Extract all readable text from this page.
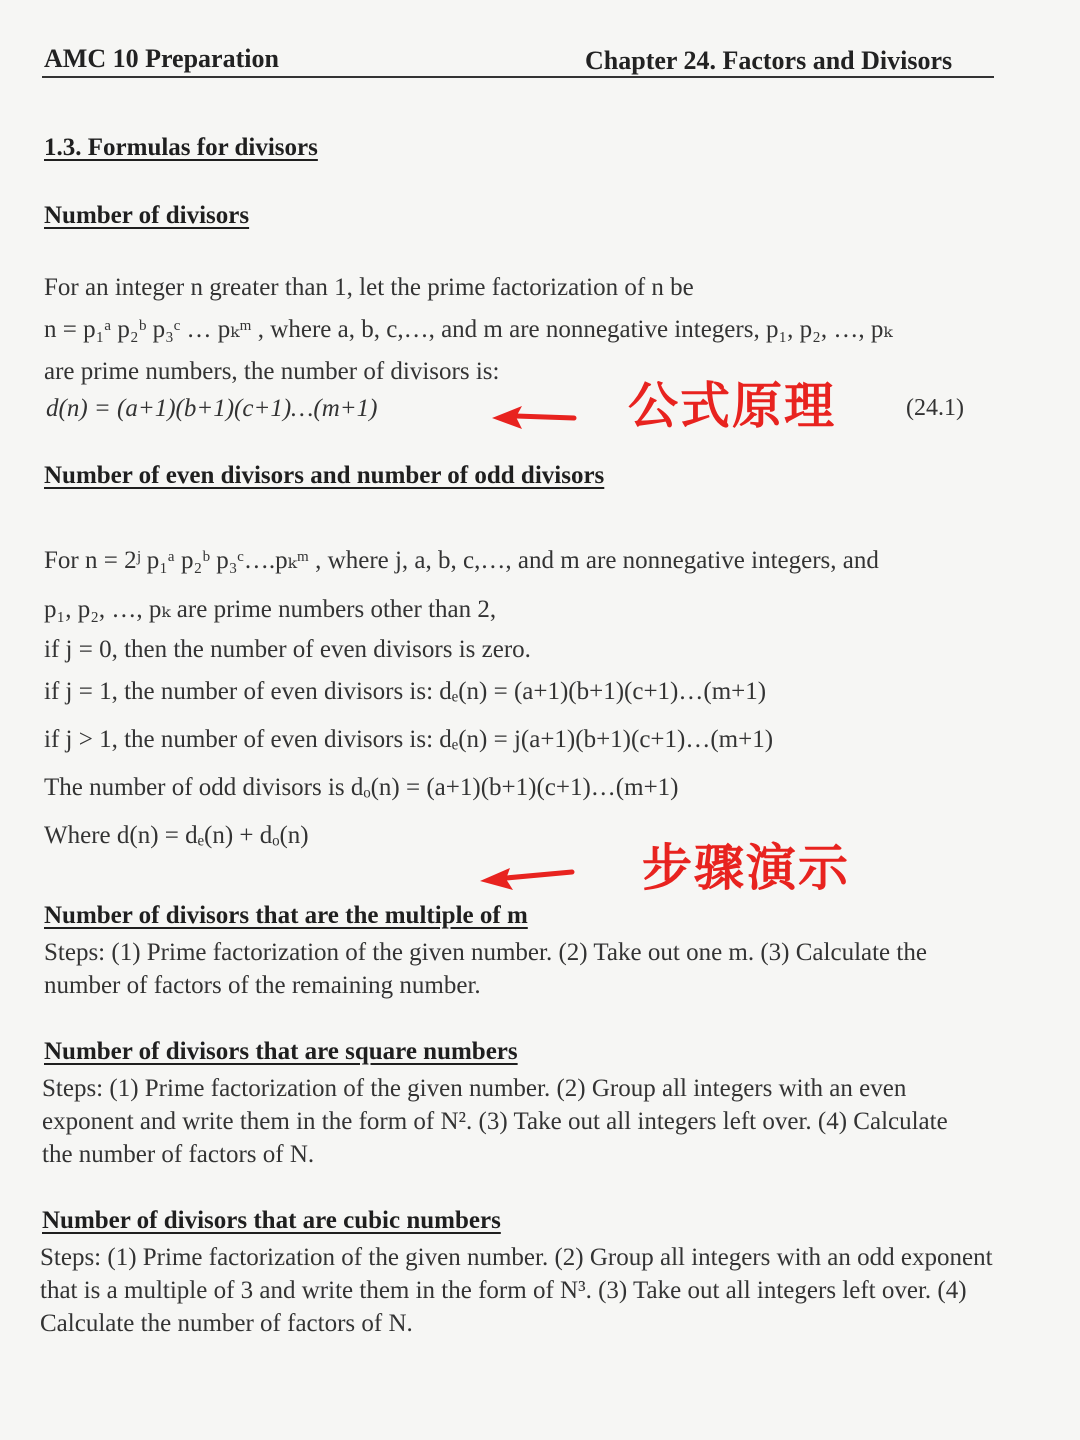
AMC 10 Preparation	Chapter 24. Factors and Divisors
1.3. Formulas for divisors
Number of divisors
For an integer n greater than 1, let the prime factorization of n be
n = p₁ᵃ p₂ᵇ p₃ᶜ … pₖᵐ , where a, b, c,…, and m are nonnegative integers, p₁, p₂, …, pₖ
are prime numbers, the number of divisors is:
d(n) = (a+1)(b+1)(c+1)…(m+1)	(24.1)
公式原理
Number of even divisors and number of odd divisors
For n = 2ʲ p₁ᵃ p₂ᵇ p₃ᶜ….pₖᵐ , where j, a, b, c,…, and m are nonnegative integers, and
p₁, p₂, …, pₖ are prime numbers other than 2,
if j = 0, then the number of even divisors is zero.
if j = 1, the number of even divisors is: dₑ(n) = (a+1)(b+1)(c+1)…(m+1)
if j > 1, the number of even divisors is: dₑ(n) = j(a+1)(b+1)(c+1)…(m+1)
The number of odd divisors is dₒ(n) = (a+1)(b+1)(c+1)…(m+1)
Where d(n) = dₑ(n) + dₒ(n)
步骤演示
Number of divisors that are the multiple of m
Steps: (1) Prime factorization of the given number. (2) Take out one m. (3) Calculate the number of factors of the remaining number.
Number of divisors that are square numbers
Steps: (1) Prime factorization of the given number. (2) Group all integers with an even exponent and write them in the form of N². (3) Take out all integers left over. (4) Calculate the number of factors of N.
Number of divisors that are cubic numbers
Steps: (1) Prime factorization of the given number. (2) Group all integers with an odd exponent that is a multiple of 3 and write them in the form of N³. (3) Take out all integers left over. (4) Calculate the number of factors of N.
